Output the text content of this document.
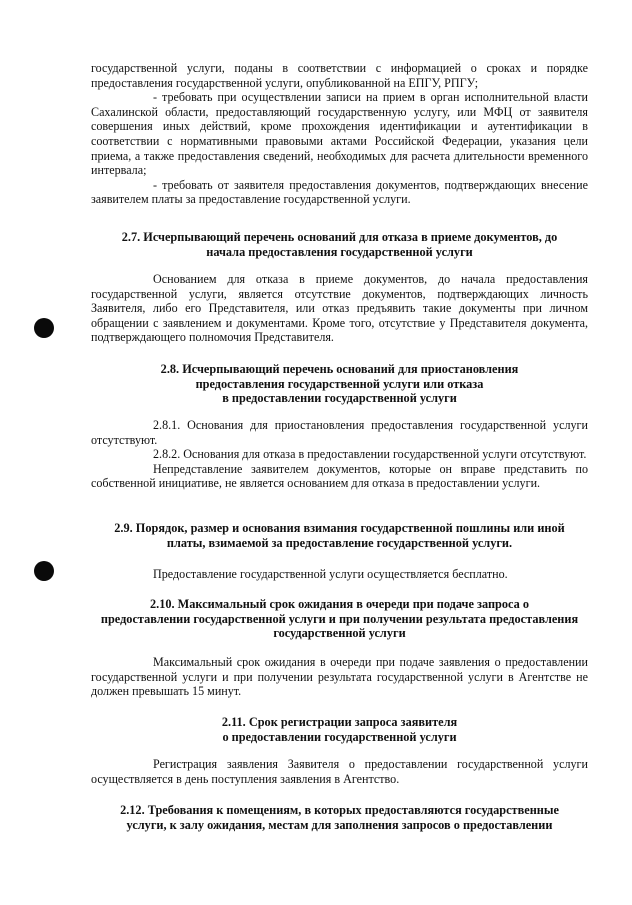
государственной услуги, поданы в соответствии с информацией о сроках и порядке предоставления государственной услуги, опубликованной на ЕПГУ, РПГУ;

- требовать при осуществлении записи на прием в орган исполнительной власти Сахалинской области, предоставляющий государственную услугу, или МФЦ от заявителя совершения иных действий, кроме прохождения идентификации и аутентификации в соответствии с нормативными правовыми актами Российской Федерации, указания цели приема, а также предоставления сведений, необходимых для расчета длительности временного интервала;

- требовать от заявителя предоставления документов, подтверждающих внесение заявителем платы за предоставление государственной услуги.

2.7. Исчерпывающий перечень оснований для отказа в приеме документов, до
начала предоставления государственной услуги

Основанием для отказа в приеме документов, до начала предоставления государственной услуги, является отсутствие документов, подтверждающих личность Заявителя, либо его Представителя, или отказ предъявить такие документы при личном обращении с заявлением и документами. Кроме того, отсутствие у Представителя документа, подтверждающего полномочия Представителя.

2.8. Исчерпывающий перечень оснований для приостановления
предоставления государственной услуги или отказа
в предоставлении государственной услуги

2.8.1. Основания для приостановления предоставления государственной услуги отсутствуют.

2.8.2. Основания для отказа в предоставлении государственной услуги отсутствуют.

Непредставление заявителем документов, которые он вправе представить по собственной инициативе, не является основанием для отказа в предоставлении услуги.

2.9. Порядок, размер и основания взимания государственной пошлины или иной
платы, взимаемой за предоставление государственной услуги.

Предоставление государственной услуги осуществляется бесплатно.

2.10. Максимальный срок ожидания в очереди при подаче запроса о
предоставлении государственной услуги и при получении результата предоставления
государственной услуги

Максимальный срок ожидания в очереди при подаче заявления о предоставлении государственной услуги и при получении результата государственной услуги в Агентстве не должен превышать 15 минут.

2.11. Срок регистрации запроса заявителя
о предоставлении государственной услуги

Регистрация заявления Заявителя о предоставлении государственной услуги осуществляется в день поступления заявления в Агентство.

2.12. Требования к помещениям, в которых предоставляются государственные
услуги, к залу ожидания, местам для заполнения запросов о предоставлении
